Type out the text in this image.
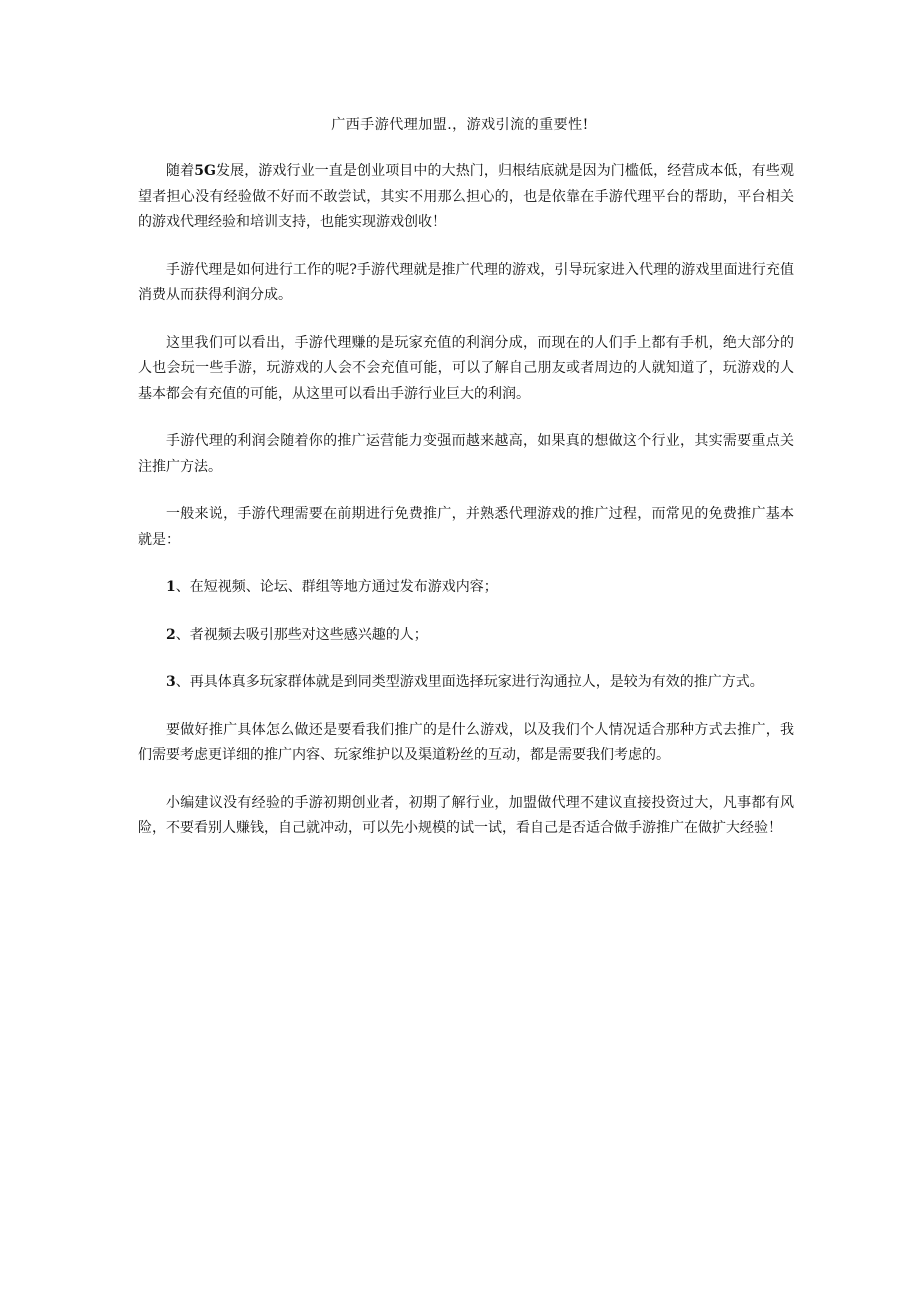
广西手游代理加盟.，游戏引流的重要性!

随着5G发展，游戏行业一直是创业项目中的大热门，归根结底就是因为门槛低，经营成本低，有些观望者担心没有经验做不好而不敢尝试，其实不用那么担心的，也是依靠在手游代理平台的帮助，平台相关的游戏代理经验和培训支持，也能实现游戏创收！

手游代理是如何进行工作的呢?手游代理就是推广代理的游戏，引导玩家进入代理的游戏里面进行充值消费从而获得利润分成。

这里我们可以看出，手游代理赚的是玩家充值的利润分成，而现在的人们手上都有手机，绝大部分的人也会玩一些手游，玩游戏的人会不会充值可能，可以了解自己朋友或者周边的人就知道了，玩游戏的人基本都会有充值的可能，从这里可以看出手游行业巨大的利润。

手游代理的利润会随着你的推广运营能力变强而越来越高，如果真的想做这个行业，其实需要重点关注推广方法。

一般来说，手游代理需要在前期进行免费推广，并熟悉代理游戏的推广过程，而常见的免费推广基本就是：

1、在短视频、论坛、群组等地方通过发布游戏内容；

2、者视频去吸引那些对这些感兴趣的人；

3、再具体真多玩家群体就是到同类型游戏里面选择玩家进行沟通拉人，是较为有效的推广方式。

要做好推广具体怎么做还是要看我们推广的是什么游戏，以及我们个人情况适合那种方式去推广，我们需要考虑更详细的推广内容、玩家维护以及渠道粉丝的互动，都是需要我们考虑的。

小编建议没有经验的手游初期创业者，初期了解行业，加盟做代理不建议直接投资过大，凡事都有风险，不要看别人赚钱，自己就冲动，可以先小规模的试一试，看自己是否适合做手游推广在做扩大经验！
